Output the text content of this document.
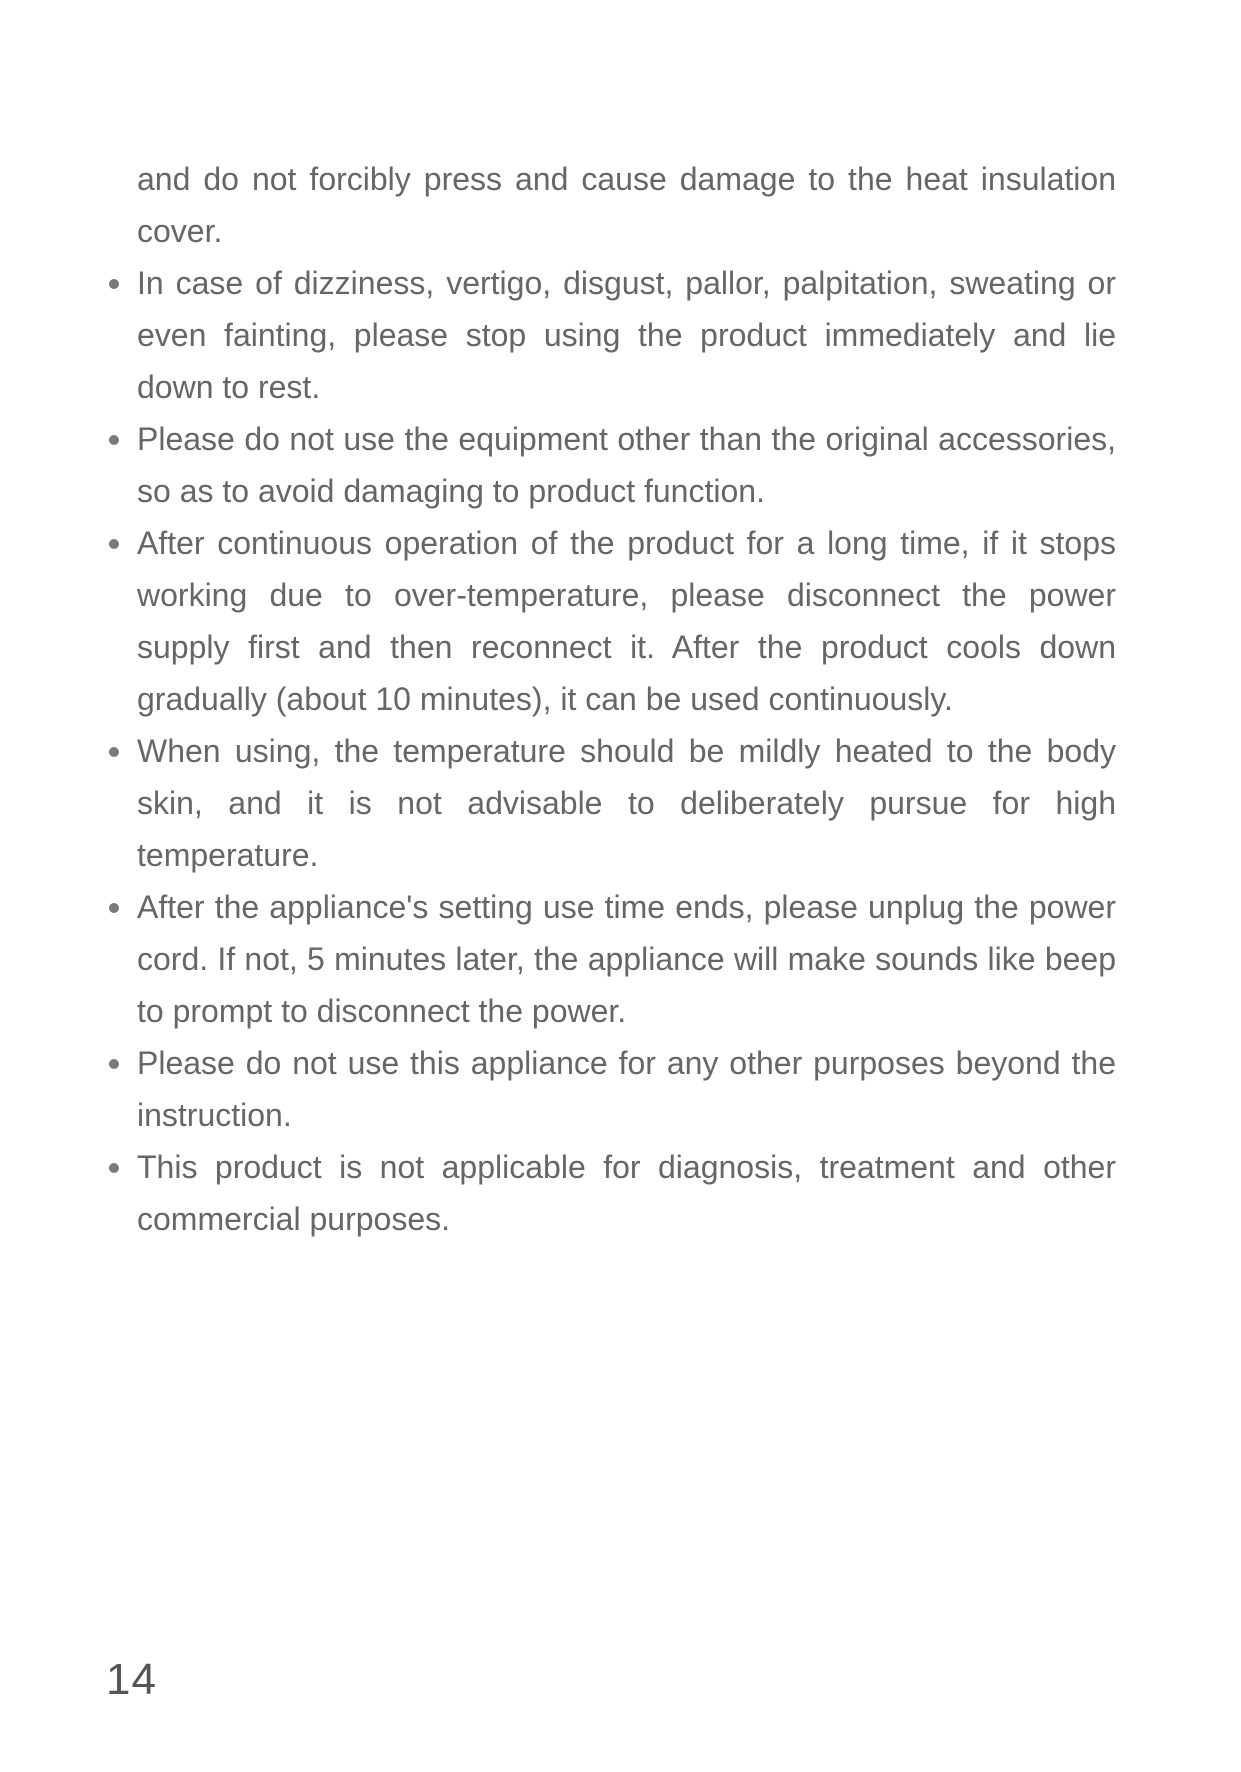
and do not forcibly press and cause damage to the heat insulation cover.
In case of dizziness, vertigo, disgust, pallor, palpitation, sweating or even fainting, please stop using the product immediately and lie down to rest.
Please do not use the equipment other than the original accessories, so as to avoid damaging to product function.
After continuous operation of the product for a long time, if it stops working due to over-temperature, please disconnect the power supply first and then reconnect it. After the product cools down gradually (about 10 minutes), it can be used continuously.
When using, the temperature should be mildly heated to the body skin, and it is not advisable to deliberately pursue for high temperature.
After the appliance's setting use time ends, please unplug the power cord. If not, 5 minutes later, the appliance will make sounds like beep to prompt to disconnect the power.
Please do not use this appliance for any other purposes beyond the instruction.
This product is not applicable for diagnosis, treatment and other commercial purposes.
14
